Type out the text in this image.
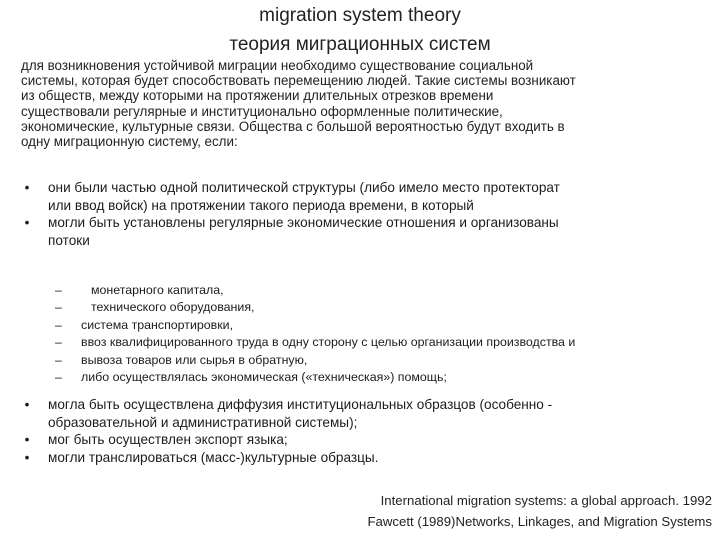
migration system theory
теория миграционных систем
для возникновения устойчивой миграции необходимо существование социальной
системы, которая будет способствовать перемещению людей. Такие системы возникают
из обществ, между которыми на протяжении длительных отрезков времени
существовали регулярные и институционально оформленные политические,
экономические, культурные связи. Общества с большой вероятностью будут входить в
одну миграционную систему, если:
• они были частью одной политической структуры (либо имело место протекторат
или ввод войск) на протяжении такого периода времени, в который
• могли быть установлены регулярные экономические отношения и организованы
потоки
– монетарного капитала,
– технического оборудования,
– система транспортировки,
– ввоз квалифицированного труда в одну сторону с целью организации производства и
– вывоза товаров или сырья в обратную,
– либо осуществлялась экономическая («техническая») помощь;
• могла быть осуществлена диффузия институциональных образцов (особенно -
образовательной и административной системы);
• мог быть осуществлен экспорт языка;
• могли транслироваться (масс-)культурные образцы.
International migration systems: a global approach. 1992
Fawcett (1989)Networks, Linkages, and Migration Systems
